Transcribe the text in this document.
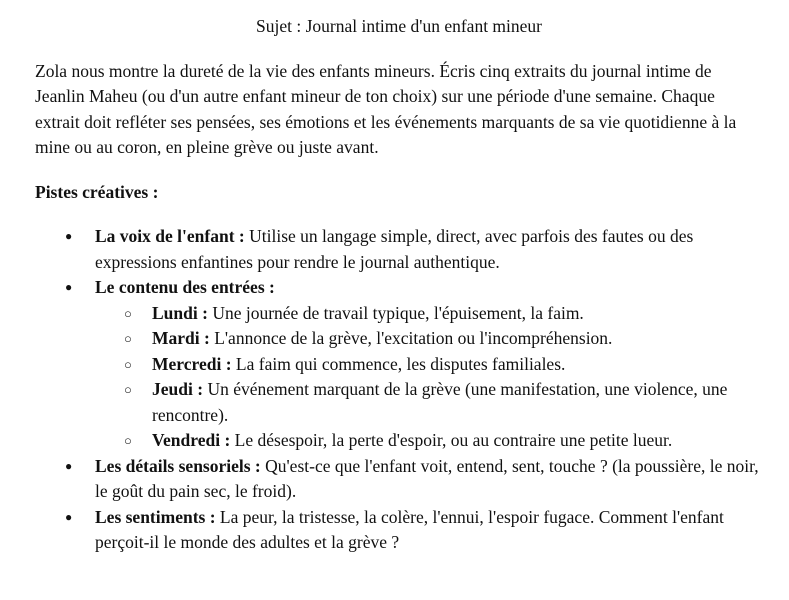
Sujet : Journal intime d'un enfant mineur

Zola nous montre la dureté de la vie des enfants mineurs. Écris cinq extraits du journal intime de Jeanlin Maheu (ou d'un autre enfant mineur de ton choix) sur une période d'une semaine. Chaque extrait doit refléter ses pensées, ses émotions et les événements marquants de sa vie quotidienne à la mine ou au coron, en pleine grève ou juste avant.

Pistes créatives :
● La voix de l'enfant : Utilise un langage simple, direct, avec parfois des fautes ou des expressions enfantines pour rendre le journal authentique.
● Le contenu des entrées :
○ Lundi : Une journée de travail typique, l'épuisement, la faim.
○ Mardi : L'annonce de la grève, l'excitation ou l'incompréhension.
○ Mercredi : La faim qui commence, les disputes familiales.
○ Jeudi : Un événement marquant de la grève (une manifestation, une violence, une rencontre).
○ Vendredi : Le désespoir, la perte d'espoir, ou au contraire une petite lueur.
● Les détails sensoriels : Qu'est-ce que l'enfant voit, entend, sent, touche ? (la poussière, le noir, le goût du pain sec, le froid).
● Les sentiments : La peur, la tristesse, la colère, l'ennui, l'espoir fugace. Comment l'enfant perçoit-il le monde des adultes et la grève ?
